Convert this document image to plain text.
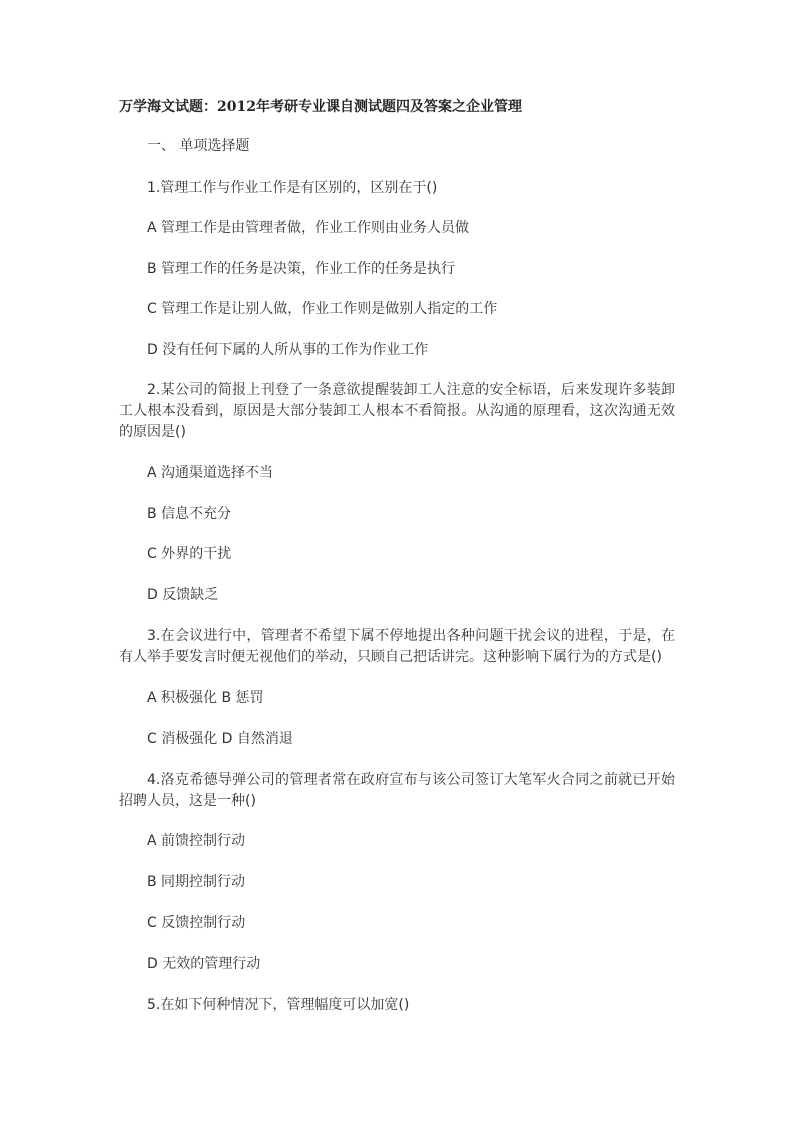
万学海文试题：2012年考研专业课自测试题四及答案之企业管理
一、 单项选择题
1.管理工作与作业工作是有区别的，区别在于()
A 管理工作是由管理者做，作业工作则由业务人员做
B 管理工作的任务是决策，作业工作的任务是执行
C 管理工作是让别人做，作业工作则是做别人指定的工作
D 没有任何下属的人所从事的工作为作业工作
2.某公司的简报上刊登了一条意欲提醒装卸工人注意的安全标语，后来发现许多装卸工人根本没看到，原因是大部分装卸工人根本不看简报。从沟通的原理看，这次沟通无效的原因是()
A 沟通渠道选择不当
B 信息不充分
C 外界的干扰
D 反馈缺乏
3.在会议进行中，管理者不希望下属不停地提出各种问题干扰会议的进程，于是，在有人举手要发言时便无视他们的举动，只顾自己把话讲完。这种影响下属行为的方式是()
A 积极强化 B 惩罚
C 消极强化 D 自然消退
4.洛克希德导弹公司的管理者常在政府宣布与该公司签订大笔军火合同之前就已开始招聘人员，这是一种()
A 前馈控制行动
B 同期控制行动
C 反馈控制行动
D 无效的管理行动
5.在如下何种情况下，管理幅度可以加宽()
